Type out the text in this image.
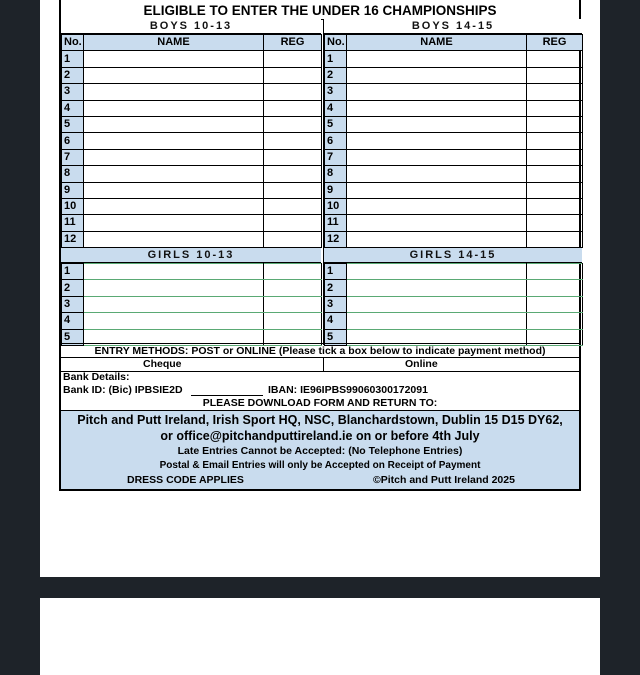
ELIGIBLE TO ENTER THE UNDER 16 CHAMPIONSHIPS
BOYS 10-13
No.	NAME	REG
1		
2		
3		
4		
5		
6		
7		
8		
9		
10		
11		
12		
GIRLS 10-13
1		
2		
3		
4		
5		
BOYS 14-15
No.	NAME	REG
1		
2		
3		
4		
5		
6		
7		
8		
9		
10		
11		
12		
GIRLS 14-15
1		
2		
3		
4		
5		
ENTRY METHODS: POST or ONLINE (Please tick a box below to indicate payment method)
Cheque	Online
Bank Details:
Bank ID: (Bic) IPBSIE2D	IBAN: IE96IPBS99060300172091
PLEASE DOWNLOAD FORM AND RETURN TO:
Pitch and Putt Ireland, Irish Sport HQ, NSC, Blanchardstown, Dublin 15 D15 DY62,
or office@pitchandputtireland.ie on or before 4th July
Late Entries Cannot be Accepted: (No Telephone Entries)
Postal & Email Entries will only be Accepted on Receipt of Payment
DRESS CODE APPLIES	©Pitch and Putt Ireland 2025
